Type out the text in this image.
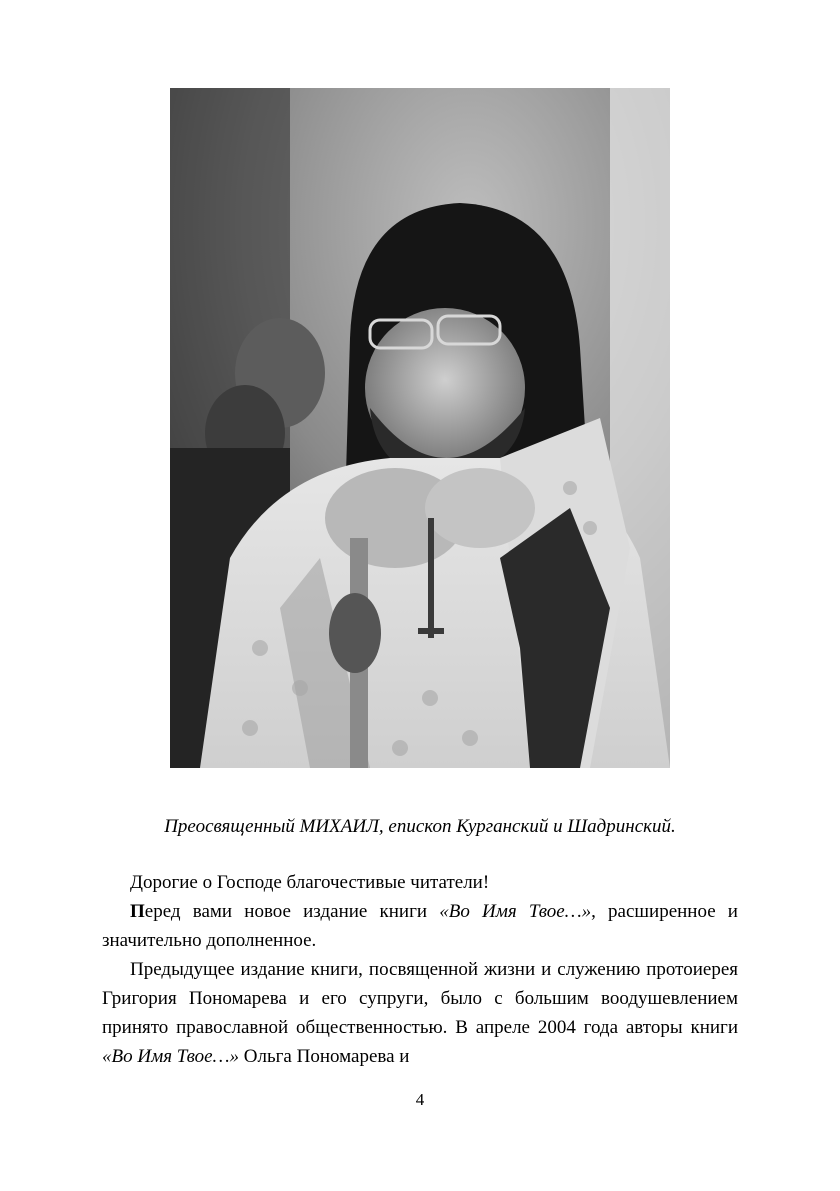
Преосвященный МИХАИЛ, епископ Курганский и Шадринский.

Дорогие о Господе благочестивые читатели!

Перед вами новое издание книги «Во Имя Твое…», расширенное и значительно дополненное.

Предыдущее издание книги, посвященной жизни и служению протоиерея Григория Пономарева и его супруги, было с большим воодушевлением принято православной общественностью. В апреле 2004 года авторы книги «Во Имя Твое…» Ольга Пономарева и

4
